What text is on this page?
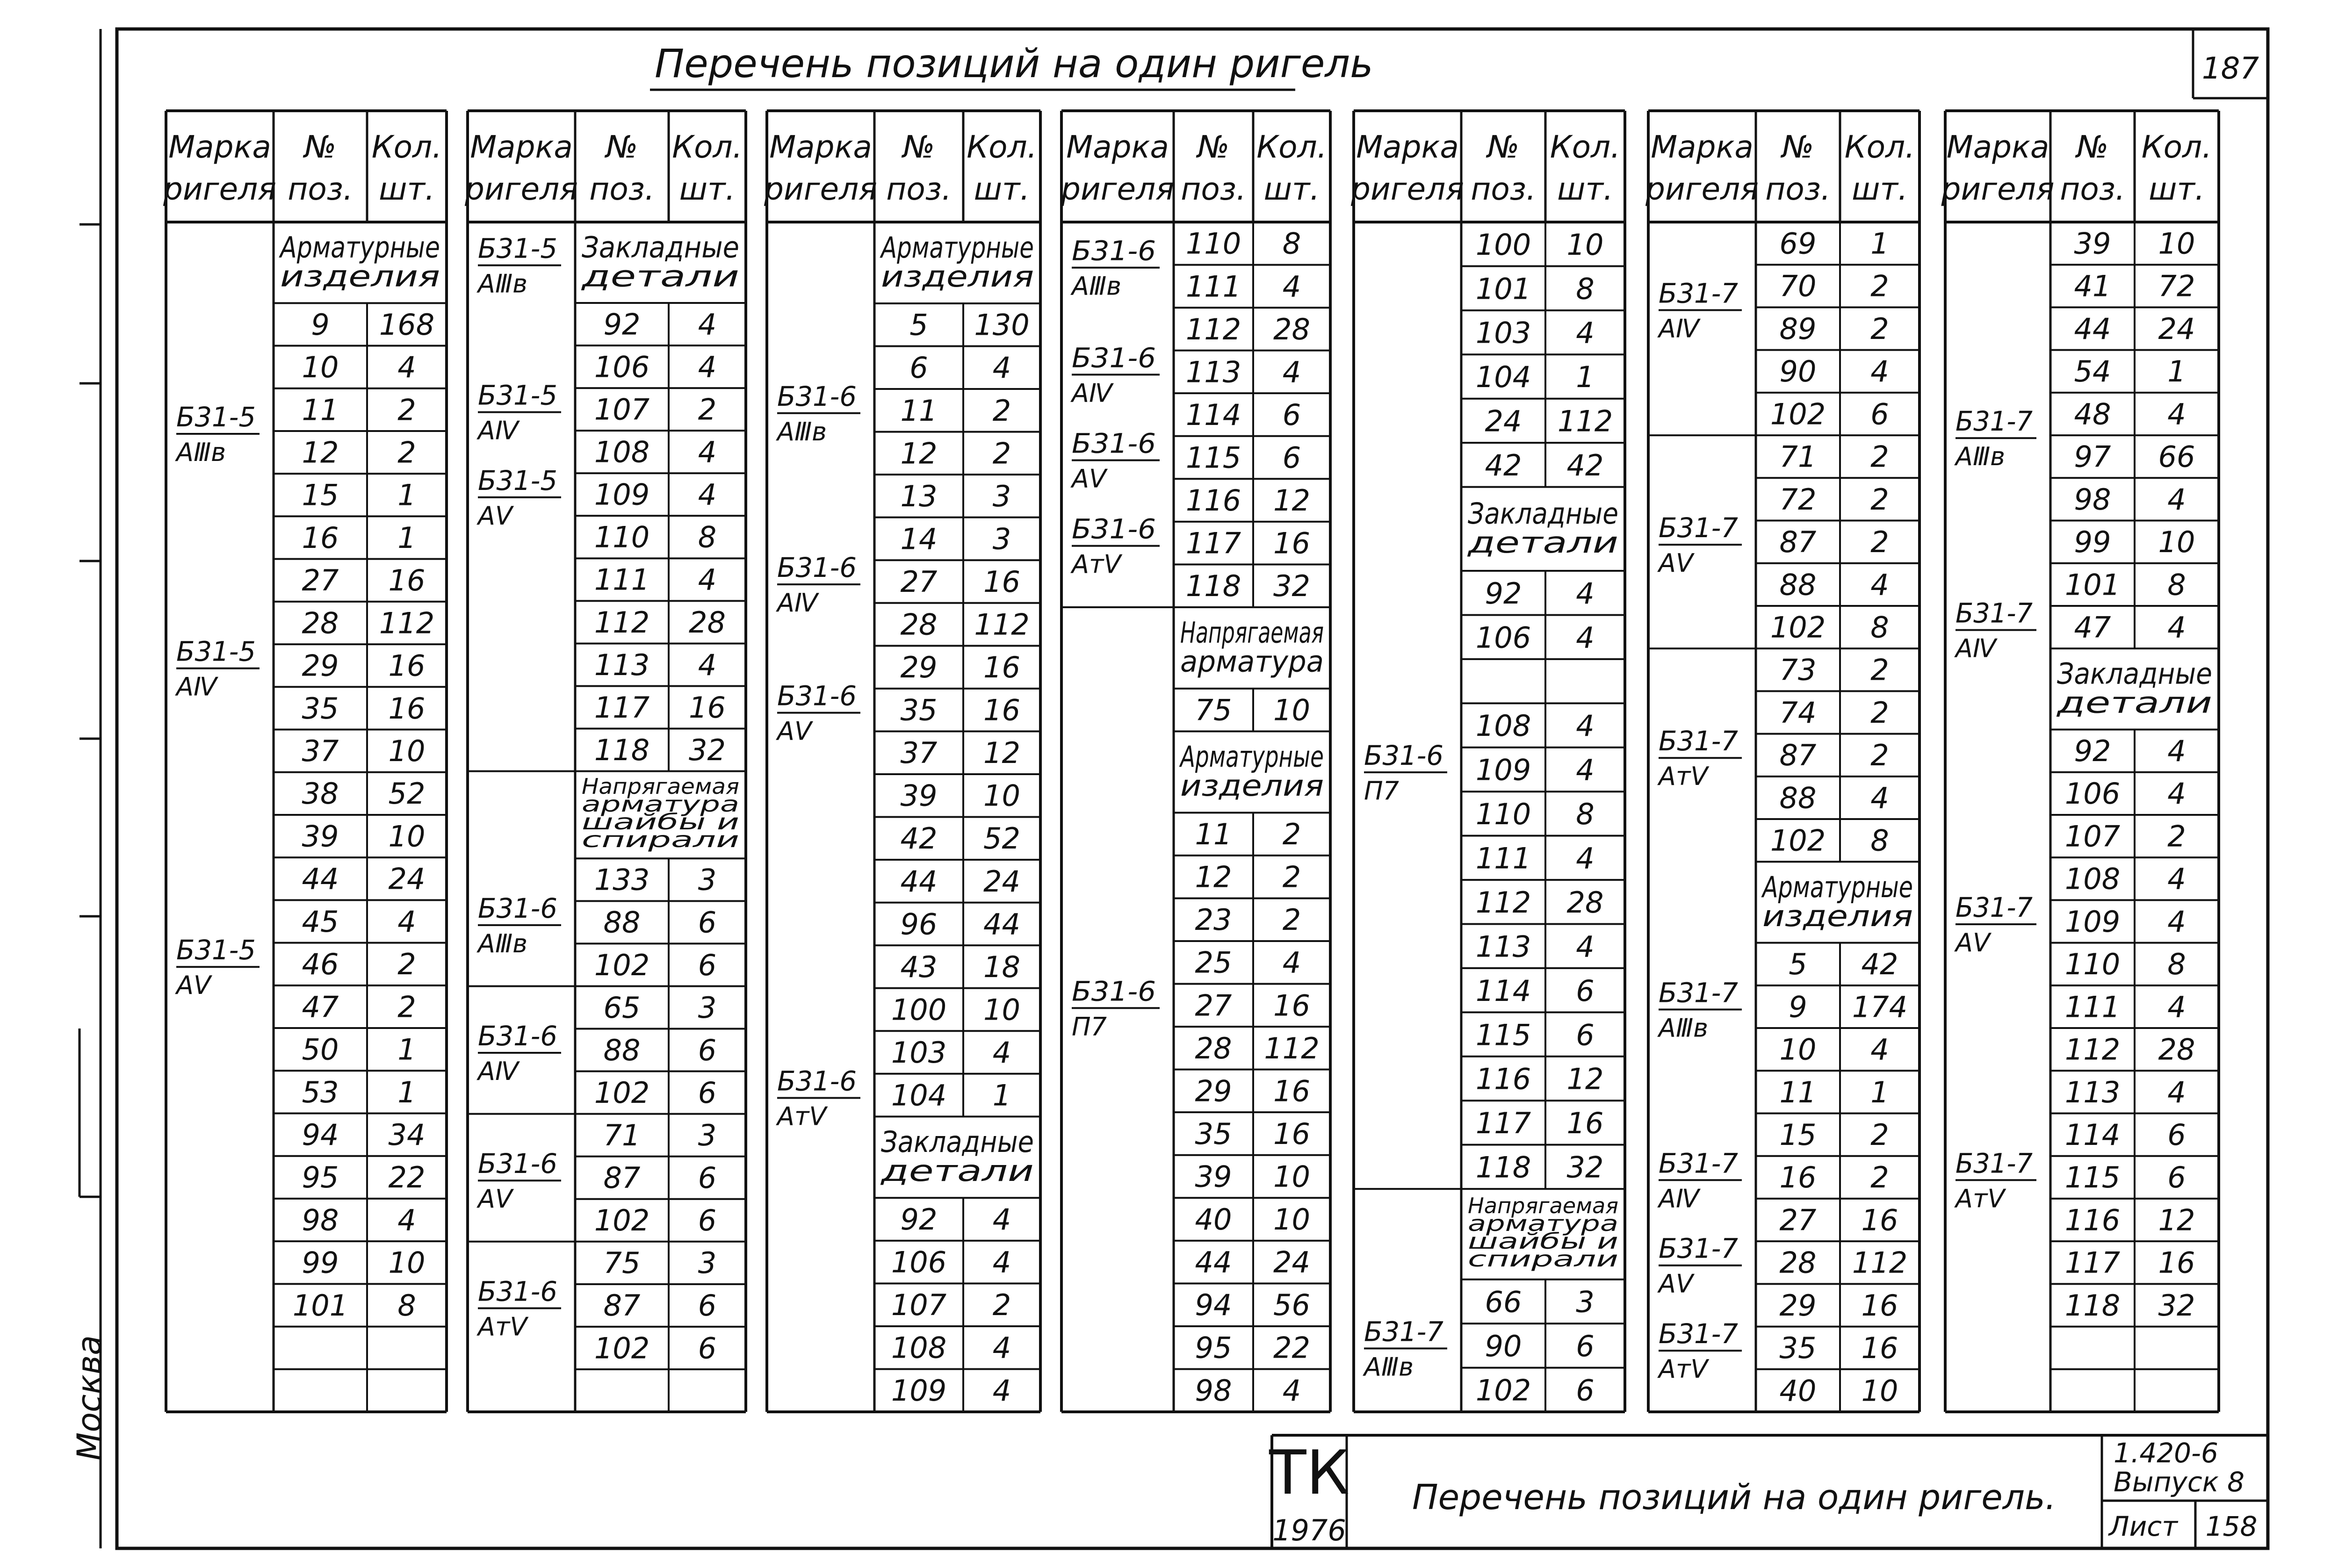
Перечень позиций на один ригель	187
Москва
Марка
ригеля
№
поз.
Кол.
шт.
Арматурные
изделия
9 168
10 4
11 2
12 2
15 1
16 1
27 16
28 112
29 16
35 16
37 10
38 52
39 10
44 24
45 4
46 2
47 2
50 1
53 1
94 34
95 22
98 4
99 10
101 8
Б31-5
АⅢв
Б31-5
АⅣ
Б31-5
АⅤ
Марка
ригеля
№
поз.
Кол.
шт.
Закладные
детали
92 4
106 4
107 2
108 4
109 4
110 8
111 4
112 28
113 4
117 16
118 32
Напрягаемая
арматура
шайбы и
спирали
133 3
88 6
102 6
65 3
88 6
102 6
71 3
87 6
102 6
75 3
87 6
102 6
Б31-5
АⅢв
Б31-5
АⅣ
Б31-5
АⅤ
Б31-6
АⅢв
Б31-6
АⅣ
Б31-6
АⅤ
Б31-6
АтⅤ
Марка
ригеля
№
поз.
Кол.
шт.
Арматурные
изделия
5 130
6 4
11 2
12 2
13 3
14 3
27 16
28 112
29 16
35 16
37 12
39 10
42 52
44 24
96 44
43 18
100 10
103 4
104 1
Закладные
детали
92 4
106 4
107 2
108 4
109 4
Б31-6
АⅢв
Б31-6
АⅣ
Б31-6
АⅤ
Б31-6
АтⅤ
Марка
ригеля
№
поз.
Кол.
шт.
110 8
111 4
112 28
113 4
114 6
115 6
116 12
117 16
118 32
Напрягаемая
арматура
75 10
Арматурные
изделия
11 2
12 2
23 2
25 4
27 16
28 112
29 16
35 16
39 10
40 10
44 24
94 56
95 22
98 4
Б31-6
АⅢв
Б31-6
АⅣ
Б31-6
АⅤ
Б31-6
АтⅤ
Б31-6
П7
Марка
ригеля
№
поз.
Кол.
шт.
100 10
101 8
103 4
104 1
24 112
42 42
Закладные
детали
92 4
106 4
108 4
109 4
110 8
111 4
112 28
113 4
114 6
115 6
116 12
117 16
118 32
Напрягаемая
арматура
шайбы и
спирали
66 3
90 6
102 6
Б31-6
П7
Б31-7
АⅢв
Марка
ригеля
№
поз.
Кол.
шт.
69 1
70 2
89 2
90 4
102 6
71 2
72 2
87 2
88 4
102 8
73 2
74 2
87 2
88 4
102 8
Арматурные
изделия
5 42
9 174
10 4
11 1
15 2
16 2
27 16
28 112
29 16
35 16
40 10
Б31-7
АⅣ
Б31-7
АⅤ
Б31-7
АтⅤ
Б31-7
АⅢв
Б31-7
АⅣ
Б31-7
АⅤ
Б31-7
АтⅤ
Марка
ригеля
№
поз.
Кол.
шт.
39 10
41 72
44 24
54 1
48 4
97 66
98 4
99 10
101 8
47 4
Закладные
детали
92 4
106 4
107 2
108 4
109 4
110 8
111 4
112 28
113 4
114 6
115 6
116 12
117 16
118 32
Б31-7
АⅢв
Б31-7
АⅣ
Б31-7
АⅤ
Б31-7
АтⅤ
ТК
1976
Перечень позиций на один ригель.
1.420-6
Выпуск 8
Лист 158
